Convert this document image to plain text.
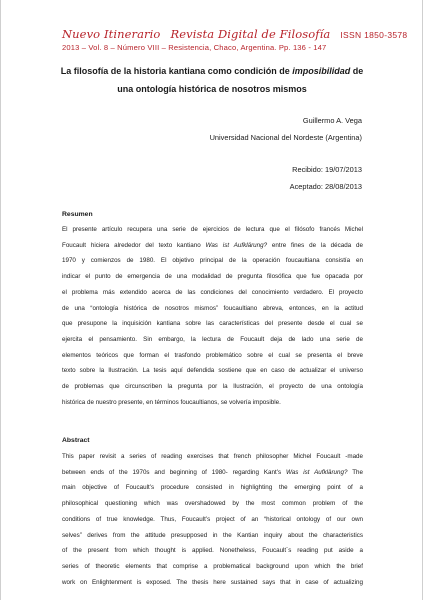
Nuevo Itinerario Revista Digital de Filosofía ISSN 1850-3578
2013 – Vol. 8 – Número VIII – Resistencia, Chaco, Argentina. Pp. 136 - 147
La filosofía de la historia kantiana como condición de imposibilidad de
una ontología histórica de nosotros mismos
Guillermo A. Vega
Universidad Nacional del Nordeste (Argentina)
Recibido: 19/07/2013
Aceptado: 28/08/2013
Resumen
El presente artículo recupera una serie de ejercicios de lectura que el filósofo francés Michel
Foucault hiciera alrededor del texto kantiano Was ist Aufklärung? entre fines de la década de
1970 y comienzos de 1980. El objetivo principal de la operación foucaultiana consistía en
indicar el punto de emergencia de una modalidad de pregunta filosófica que fue opacada por
el problema más extendido acerca de las condiciones del conocimiento verdadero. El proyecto
de una “ontología histórica de nosotros mismos” foucaultiano abreva, entonces, en la actitud
que presupone la inquisición kantiana sobre las características del presente desde el cual se
ejercita el pensamiento. Sin embargo, la lectura de Foucault deja de lado una serie de
elementos teóricos que forman el trasfondo problemático sobre el cual se presenta el breve
texto sobre la Ilustración. La tesis aquí defendida sostiene que en caso de actualizar el universo
de problemas que circunscriben la pregunta por la Ilustración, el proyecto de una ontología
histórica de nuestro presente, en términos foucaultianos, se volvería imposible.
Abstract
This paper revisit a series of reading exercises that french philosopher Michel Foucault -made
between ends of the 1970s and beginning of 1980- regarding Kant’s Was ist Aufklärung? The
main objective of Foucault’s procedure consisted in highlighting the emerging point of a
philosophical questioning which was overshadowed by the most common problem of the
conditions of true knowledge. Thus, Foucault’s project of an “historical ontology of our own
selves” derives from the attitude presupposed in the Kantian inquiry about the characteristics
of the present from which thought is applied. Nonetheless, Foucault´s reading put aside a
series of theoretic elements that comprise a problematical background upon which the brief
work on Enlightenment is exposed. The thesis here sustained says that in case of actualizing
